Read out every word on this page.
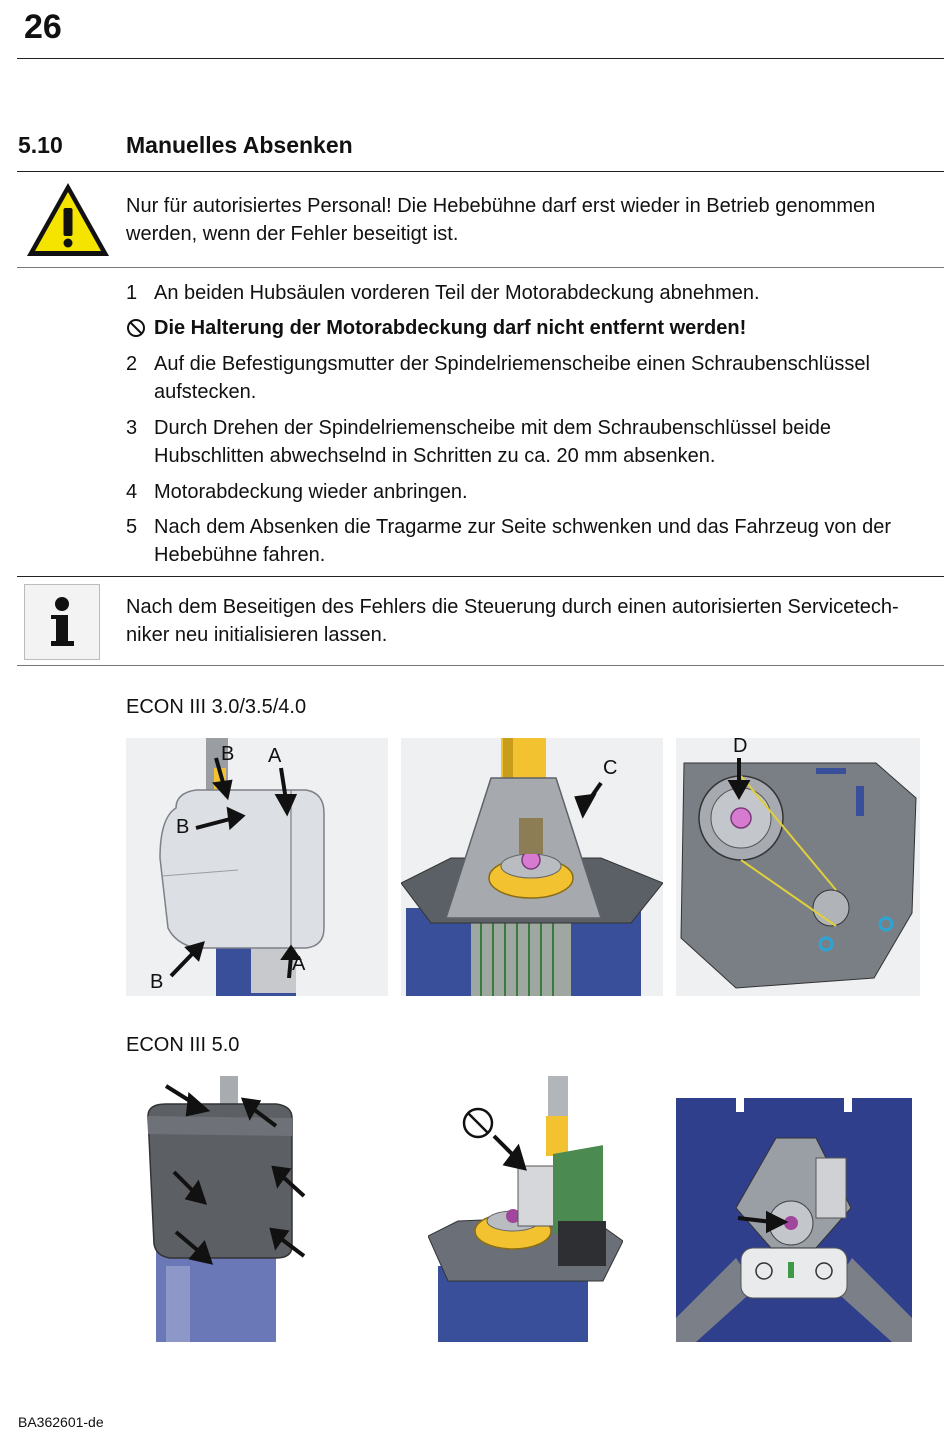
26
5.10	Manuelles Absenken
Nur für autorisiertes Personal! Die Hebebühne darf erst wieder in Betrieb genommen werden, wenn der Fehler beseitigt ist.
1 An beiden Hubsäulen vorderen Teil der Motorabdeckung abnehmen.
Die Halterung der Motorabdeckung darf nicht entfernt werden!
2 Auf die Befestigungsmutter der Spindelriemenscheibe einen Schraubenschlüssel aufstecken.
3 Durch Drehen der Spindelriemenscheibe mit dem Schraubenschlüssel beide Hubschlitten abwechselnd in Schritten zu ca. 20 mm absenken.
4 Motorabdeckung wieder anbringen.
5 Nach dem Absenken die Tragarme zur Seite schwenken und das Fahrzeug von der Hebebühne fahren.
Nach dem Beseitigen des Fehlers die Steuerung durch einen autorisierten Servicetech-niker neu initialisieren lassen.
ECON III 3.0/3.5/4.0
B A
B
B
A
C
D
ECON III 5.0
BA362601-de
